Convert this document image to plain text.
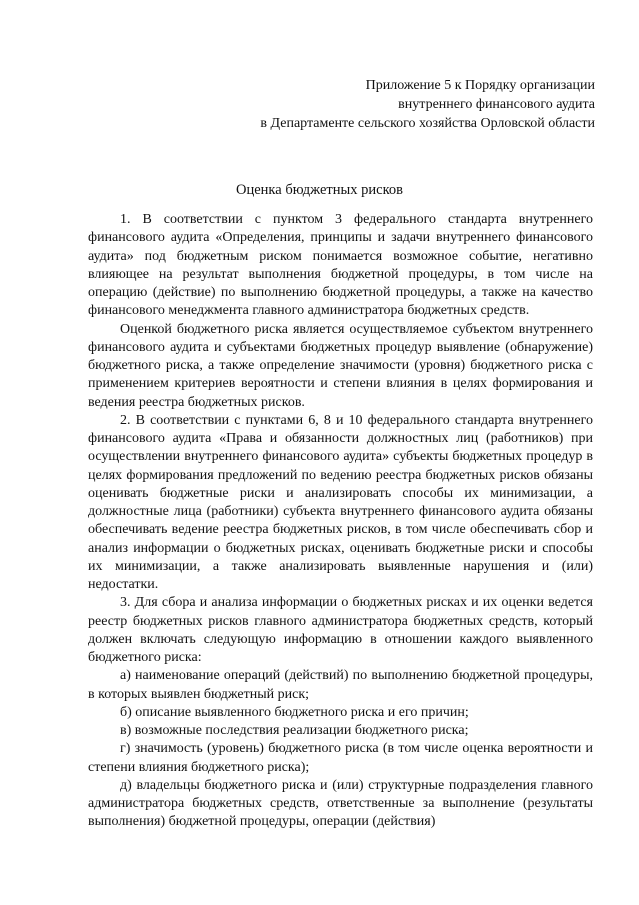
Приложение 5 к Порядку организации
внутреннего финансового аудита
в Департаменте сельского хозяйства Орловской области
Оценка бюджетных рисков

1. В соответствии с пунктом 3 федерального стандарта внутреннего финансового аудита «Определения, принципы и задачи внутреннего финансового аудита» под бюджетным риском понимается возможное событие, негативно влияющее на результат выполнения бюджетной процедуры, в том числе на операцию (действие) по выполнению бюджетной процедуры, а также на качество финансового менеджмента главного администратора бюджетных средств.

Оценкой бюджетного риска является осуществляемое субъектом внутреннего финансового аудита и субъектами бюджетных процедур выявление (обнаружение) бюджетного риска, а также определение значимости (уровня) бюджетного риска с применением критериев вероятности и степени влияния в целях формирования и ведения реестра бюджетных рисков.

2. В соответствии с пунктами 6, 8 и 10 федерального стандарта внутреннего финансового аудита «Права и обязанности должностных лиц (работников) при осуществлении внутреннего финансового аудита» субъекты бюджетных процедур в целях формирования предложений по ведению реестра бюджетных рисков обязаны оценивать бюджетные риски и анализировать способы их минимизации, а должностные лица (работники) субъекта внутреннего финансового аудита обязаны обеспечивать ведение реестра бюджетных рисков, в том числе обеспечивать сбор и анализ информации о бюджетных рисках, оценивать бюджетные риски и способы их минимизации, а также анализировать выявленные нарушения и (или) недостатки.

3. Для сбора и анализа информации о бюджетных рисках и их оценки ведется реестр бюджетных рисков главного администратора бюджетных средств, который должен включать следующую информацию в отношении каждого выявленного бюджетного риска:

а) наименование операций (действий) по выполнению бюджетной процедуры, в которых выявлен бюджетный риск;

б) описание выявленного бюджетного риска и его причин;

в) возможные последствия реализации бюджетного риска;

г) значимость (уровень) бюджетного риска (в том числе оценка вероятности и степени влияния бюджетного риска);

д) владельцы бюджетного риска и (или) структурные подразделения главного администратора бюджетных средств, ответственные за выполнение (результаты выполнения) бюджетной процедуры, операции (действия)
